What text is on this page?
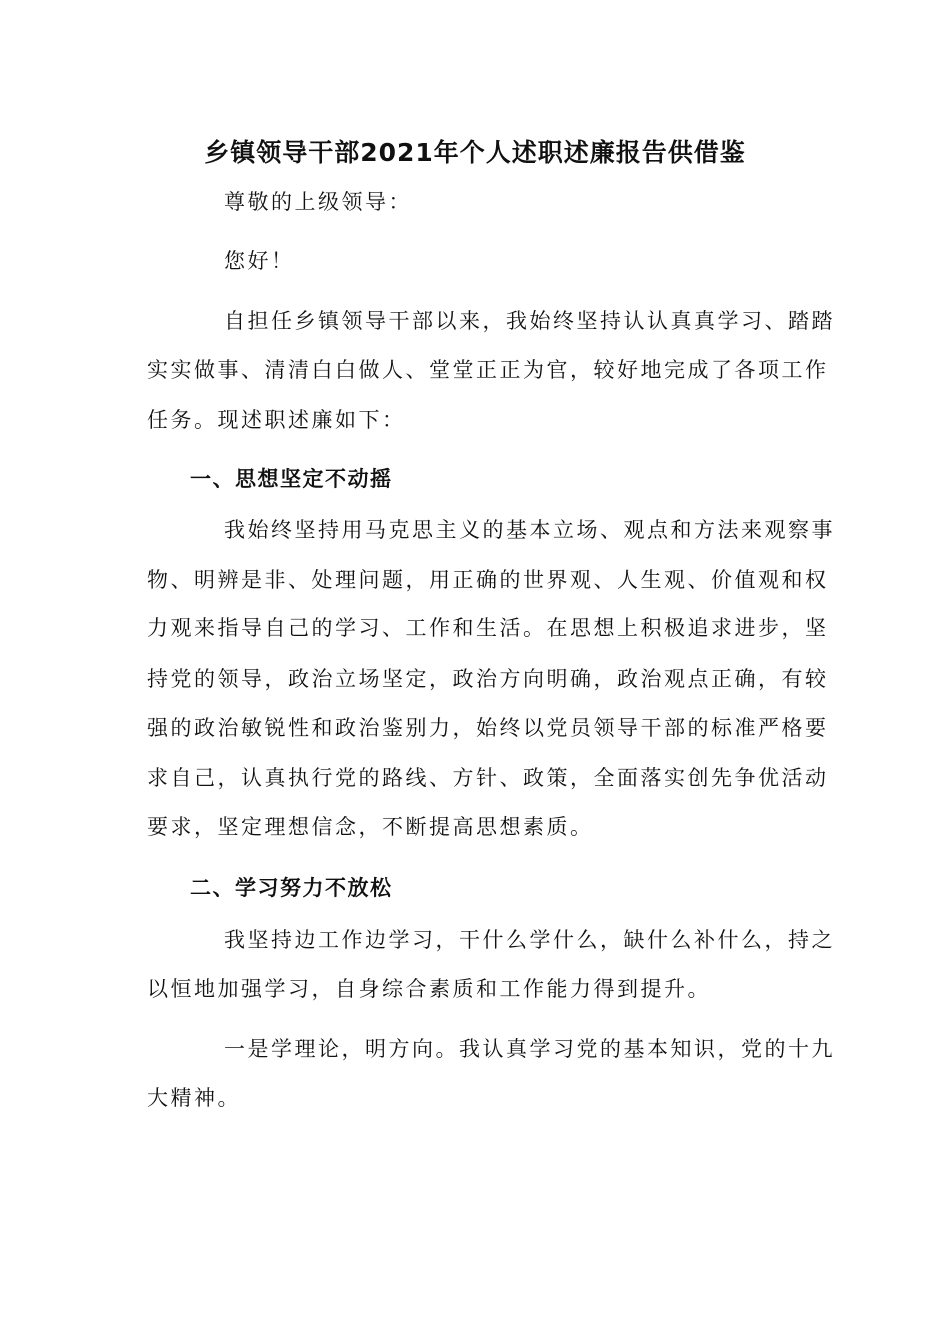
乡镇领导干部2021年个人述职述廉报告供借鉴
尊敬的上级领导：
您好！
自担任乡镇领导干部以来，我始终坚持认认真真学习、踏踏
实实做事、清清白白做人、堂堂正正为官，较好地完成了各项工作
任务。现述职述廉如下：
一、思想坚定不动摇
我始终坚持用马克思主义的基本立场、观点和方法来观察事
物、明辨是非、处理问题，用正确的世界观、人生观、价值观和权
力观来指导自己的学习、工作和生活。在思想上积极追求进步，坚
持党的领导，政治立场坚定，政治方向明确，政治观点正确，有较
强的政治敏锐性和政治鉴别力，始终以党员领导干部的标准严格要
求自己，认真执行党的路线、方针、政策，全面落实创先争优活动
要求，坚定理想信念，不断提高思想素质。
二、学习努力不放松
我坚持边工作边学习，干什么学什么，缺什么补什么，持之
以恒地加强学习，自身综合素质和工作能力得到提升。
一是学理论，明方向。我认真学习党的基本知识，党的十九
大精神。
